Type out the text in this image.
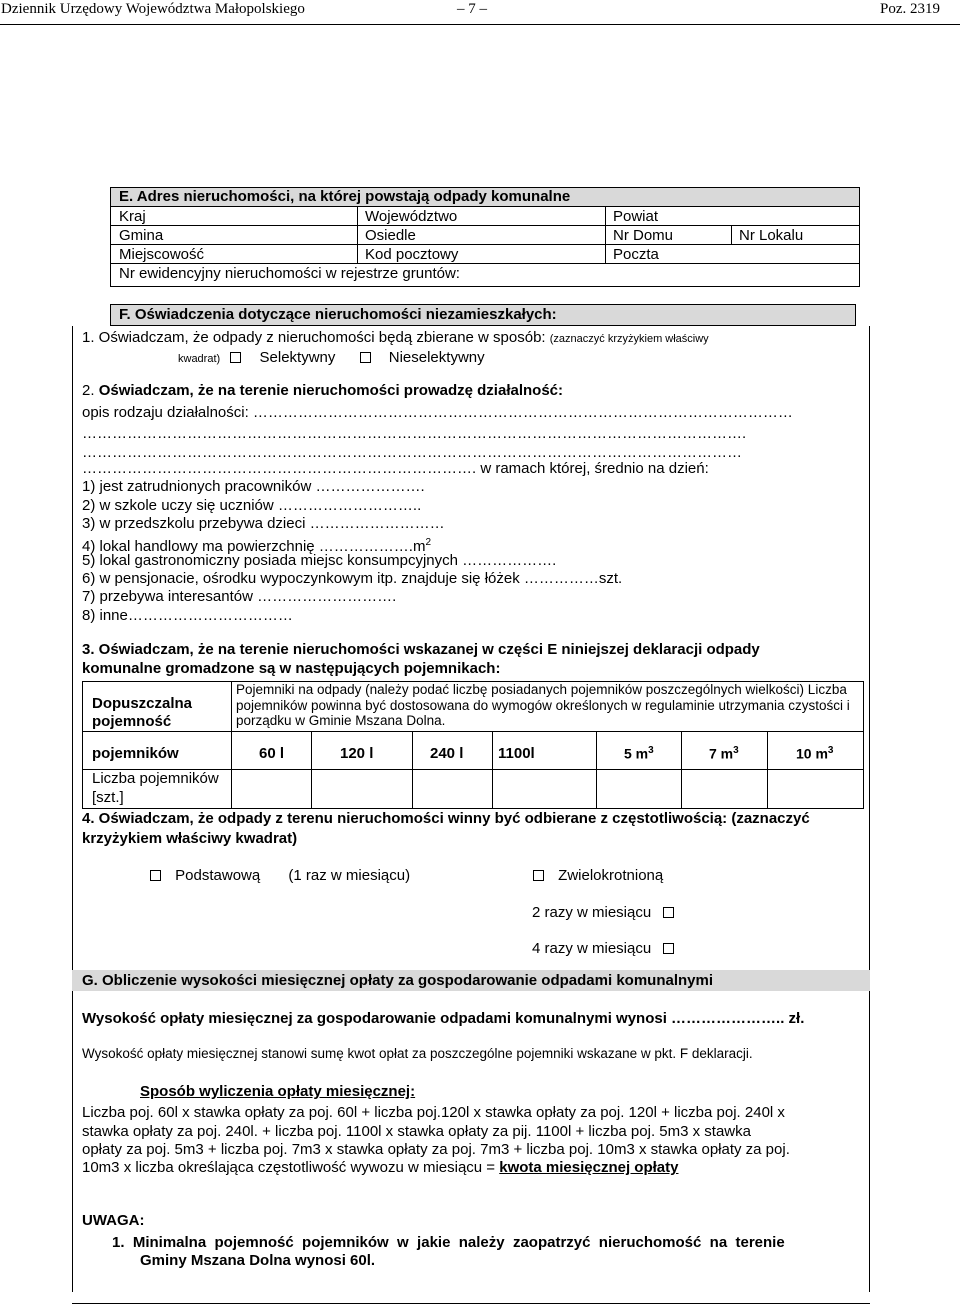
Dziennik Urzędowy Województwa Małopolskiego	– 7 –	Poz. 2319
E. Adres nieruchomości, na której powstają odpady komunalne
Kraj	Województwo	Powiat
Gmina	Osiedle	Nr Domu	Nr Lokalu
Miejscowość	Kod pocztowy	Poczta
Nr ewidencyjny nieruchomości w rejestrze gruntów:
F. Oświadczenia dotyczące nieruchomości niezamieszkałych:
1. Oświadczam, że odpady z nieruchomości będą zbierane w sposób: (zaznaczyć krzyżykiem właściwy
kwadrat)	Selektywny	Nieselektywny
2. Oświadczam, że na terenie nieruchomości prowadzę działalność:
opis rodzaju działalności: ………………………………………………………………………………………………
…………………………………………………………………………………………………………………….
……………………………………………………………………………………………………………………
……………………………………………………………………. w ramach której, średnio na dzień:
1) jest zatrudnionych pracowników ………………….
2) w szkole uczy się uczniów ………………………..
3) w przedszkolu przebywa dzieci ………………………
4) lokal handlowy ma powierzchnię $\dots\dots\dots\dots\dots\dots.m^2$
5) lokal gastronomiczny posiada miejsc konsumpcyjnych ……………….
6) w pensjonacie, ośrodku wypoczynkowym itp. znajduje się łóżek ……………szt.
7) przebywa interesantów ……………………….
8) inne……………………………
3. Oświadczam, że na terenie nieruchomości wskazanej w części E niniejszej deklaracji odpady
komunalne gromadzone są w następujących pojemnikach:
Dopuszczalna
pojemność
Pojemniki na odpady (należy podać liczbę posiadanych pojemników poszczególnych wielkości) Liczba
pojemników powinna być dostosowana do wymogów określonych w regulaminie utrzymania czystości i
porządku w Gminie Mszana Dolna.
pojemników	60 l	120 l	240 l 1100l	5 $m^3$	7 $m^3$	10 $m^3$
Liczba pojemników
[szt.]
4. Oświadczam, że odpady z terenu nieruchomości winny być odbierane z częstotliwością: (zaznaczyć
krzyżykiem właściwy kwadrat)
Podstawową (1 raz w miesiącu)	Zwielokrotnioną
2 razy w miesiącu
4 razy w miesiącu
G. Obliczenie wysokości miesięcznej opłaty za gospodarowanie odpadami komunalnymi
Wysokość opłaty miesięcznej za gospodarowanie odpadami komunalnymi wynosi ………………….. zł.
Wysokość opłaty miesięcznej stanowi sumę kwot opłat za poszczególne pojemniki wskazane w pkt. F deklaracji.
Sposób wyliczenia opłaty miesięcznej:
Liczba poj. 60l x stawka opłaty za poj. 60l + liczba poj.120l x stawka opłaty za poj. 120l + liczba poj. 240l x
stawka opłaty za poj. 240l. + liczba poj. 1100l x stawka opłaty za pij. 1100l + liczba poj. 5m3 x stawka
opłaty za poj. 5m3 + liczba poj. 7m3 x stawka opłaty za poj. 7m3 + liczba poj. 10m3 x stawka opłaty za poj.
10m3 x liczba określająca częstotliwość wywozu w miesiącu = kwota miesięcznej opłaty
UWAGA:
1.  Minimalna  pojemność  pojemników  w  jakie  należy  zaopatrzyć  nieruchomość  na  terenie
Gminy Mszana Dolna wynosi 60l.
